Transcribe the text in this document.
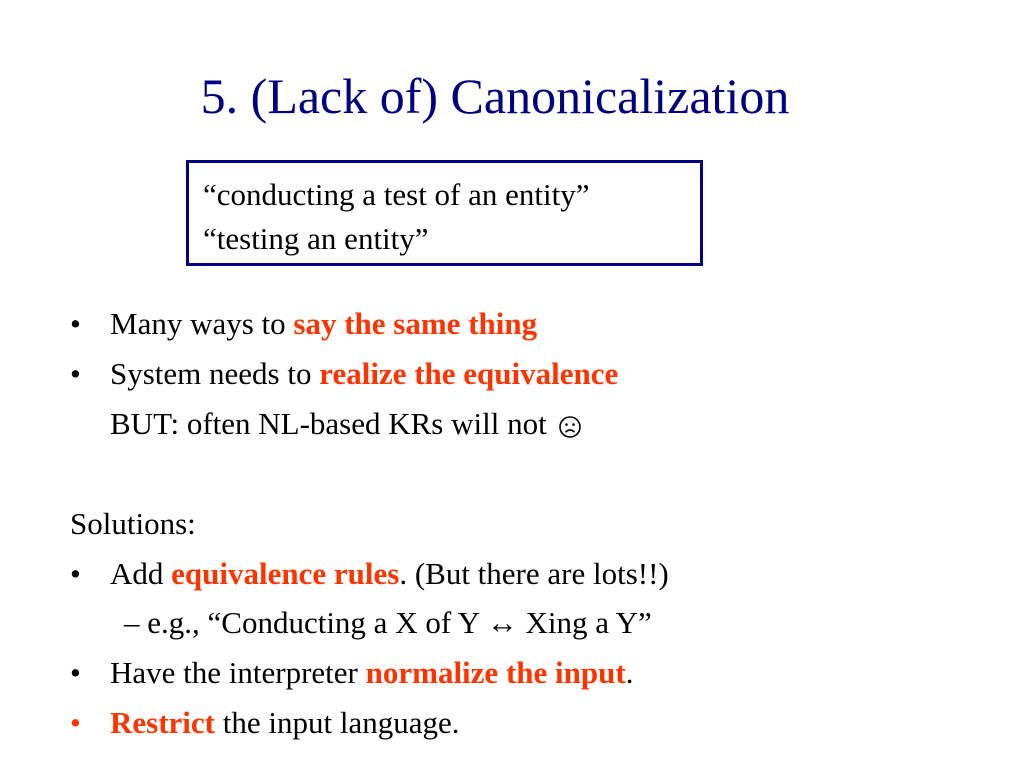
5. (Lack of) Canonicalization
“conducting a test of an entity”
“testing an entity”
• Many ways to say the same thing
• System needs to realize the equivalence
BUT: often NL-based KRs will not
Solutions:
• Add equivalence rules. (But there are lots!!)
– e.g., “Conducting a X of Y ↔ Xing a Y”
• Have the interpreter normalize the input.
• Restrict the input language.
